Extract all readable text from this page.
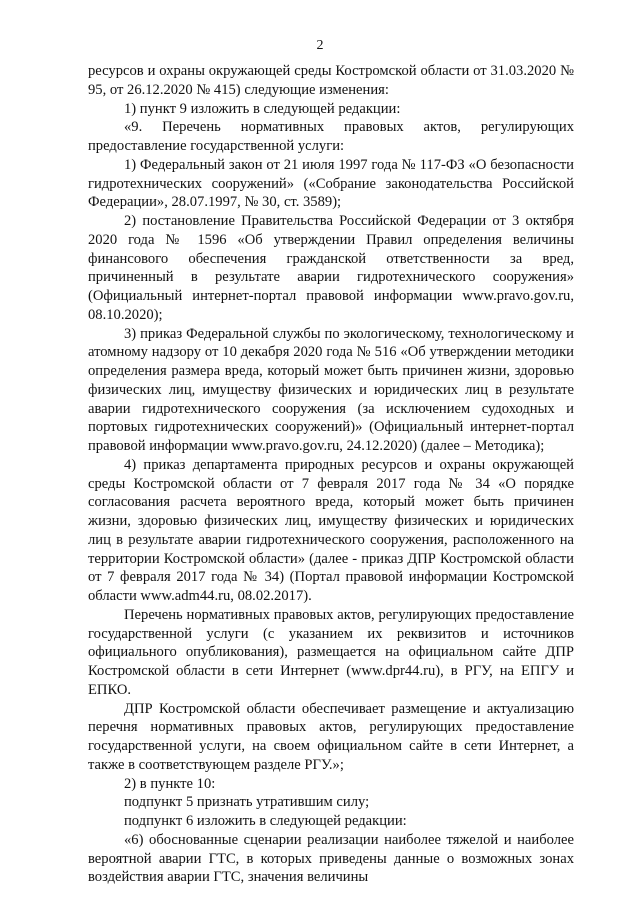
2

ресурсов и охраны окружающей среды Костромской области от 31.03.2020 № 95, от 26.12.2020 № 415) следующие изменения:

1) пункт 9 изложить в следующей редакции:

«9. Перечень нормативных правовых актов, регулирующих предоставление государственной услуги:

1) Федеральный закон от 21 июля 1997 года № 117-ФЗ «О безопасности гидротехнических сооружений» («Собрание законодательства Российской Федерации», 28.07.1997, № 30, ст. 3589);

2) постановление Правительства Российской Федерации от 3 октября 2020 года № 1596 «Об утверждении Правил определения величины финансового обеспечения гражданской ответственности за вред, причиненный в результате аварии гидротехнического сооружения» (Официальный интернет-портал правовой информации www.pravo.gov.ru, 08.10.2020);

3) приказ Федеральной службы по экологическому, технологическому и атомному надзору от 10 декабря 2020 года № 516 «Об утверждении методики определения размера вреда, который может быть причинен жизни, здоровью физических лиц, имуществу физических и юридических лиц в результате аварии гидротехнического сооружения (за исключением судоходных и портовых гидротехнических сооружений)» (Официальный интернет-портал правовой информации www.pravo.gov.ru, 24.12.2020) (далее – Методика);

4) приказ департамента природных ресурсов и охраны окружающей среды Костромской области от 7 февраля 2017 года № 34 «О порядке согласования расчета вероятного вреда, который может быть причинен жизни, здоровью физических лиц, имуществу физических и юридических лиц в результате аварии гидротехнического сооружения, расположенного на территории Костромской области» (далее - приказ ДПР Костромской области от 7 февраля 2017 года № 34) (Портал правовой информации Костромской области www.adm44.ru, 08.02.2017).

Перечень нормативных правовых актов, регулирующих предоставление государственной услуги (с указанием их реквизитов и источников официального опубликования), размещается на официальном сайте ДПР Костромской области в сети Интернет (www.dpr44.ru), в РГУ, на ЕПГУ и ЕПКО.

ДПР Костромской области обеспечивает размещение и актуализацию перечня нормативных правовых актов, регулирующих предоставление государственной услуги, на своем официальном сайте в сети Интернет, а также в соответствующем разделе РГУ.»;

2) в пункте 10:

подпункт 5 признать утратившим силу;

подпункт 6 изложить в следующей редакции:

«6) обоснованные сценарии реализации наиболее тяжелой и наиболее вероятной аварии ГТС, в которых приведены данные о возможных зонах воздействия аварии ГТС, значения величины
